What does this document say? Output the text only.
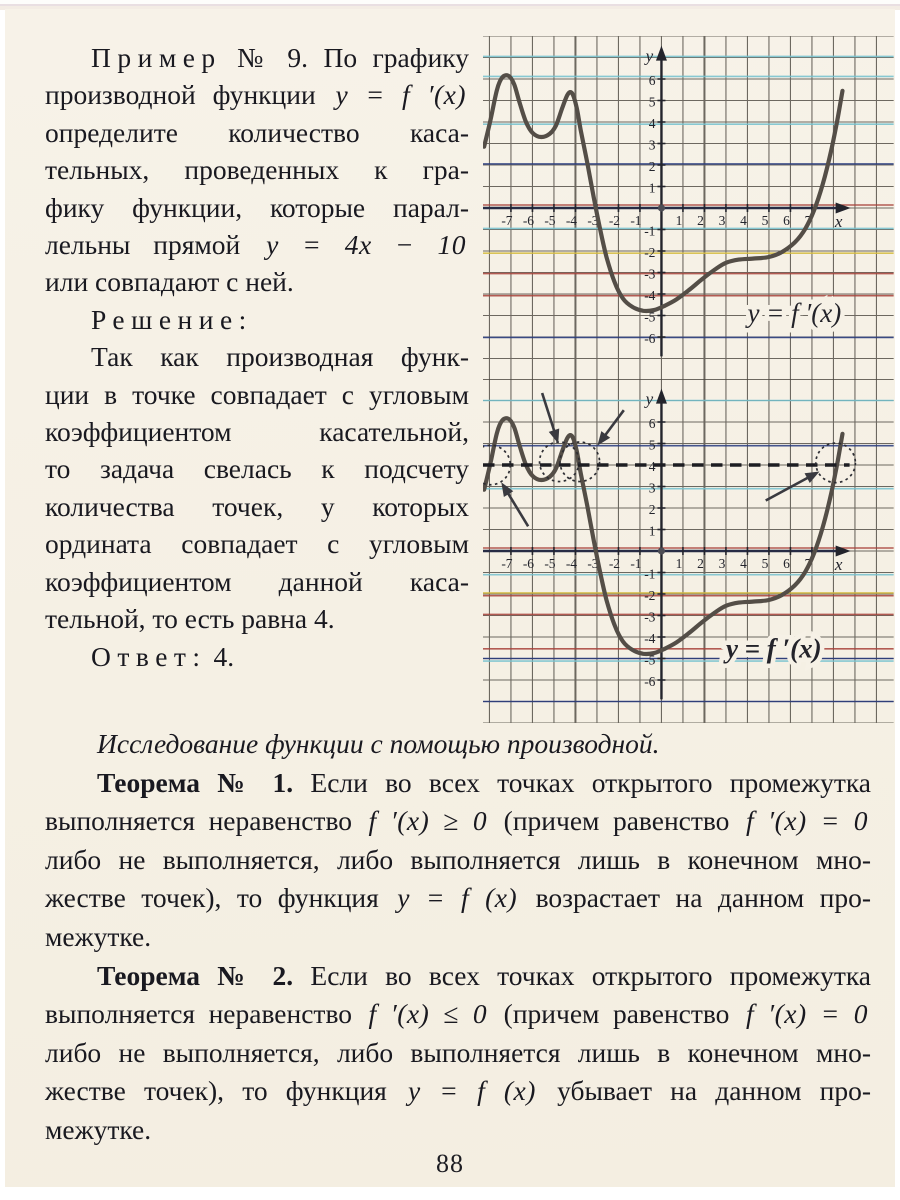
Пример № 9. По графику
производной функции y = f ′(x)
определите количество каса-
тельных, проведенных к гра-
фику функции, которые парал-
лельны прямой y = 4x − 10
или совпадают с ней.
Решение:
Так как производная функ-
ции в точке совпадает с угловым
коэффициентом касательной,
то задача свелась к подсчету
количества точек, у которых
ордината совпадает с угловым
коэффициентом данной каса-
тельной, то есть равна 4.
Ответ: 4.
-7 -6 -5 -4 -3 -2 -1	1 2 3 4 5 6 7
6
5
4
3
2
1
-1
-2
-3
-4
-5
-6
x
y
y = f ′(x)
-7 -6 -5 -4 -3 -2 -1	1 2 3 4 5 6 7
6
5
4
3
2
1
-1
-2
-3
-4
-5
-6
x
y
y = f ′(x)
Исследование функции с помощью производной.
Теорема № 1. Если во всех точках открытого промежутка
выполняется неравенство f ′(x) ≥ 0 (причем равенство f ′(x) = 0
либо не выполняется, либо выполняется лишь в конечном мно-
жестве точек), то функция y = f (x) возрастает на данном про-
межутке.
Теорема № 2. Если во всех точках открытого промежутка
выполняется неравенство f ′(x) ≤ 0 (причем равенство f ′(x) = 0
либо не выполняется, либо выполняется лишь в конечном мно-
жестве точек), то функция y = f (x) убывает на данном про-
межутке.
88
